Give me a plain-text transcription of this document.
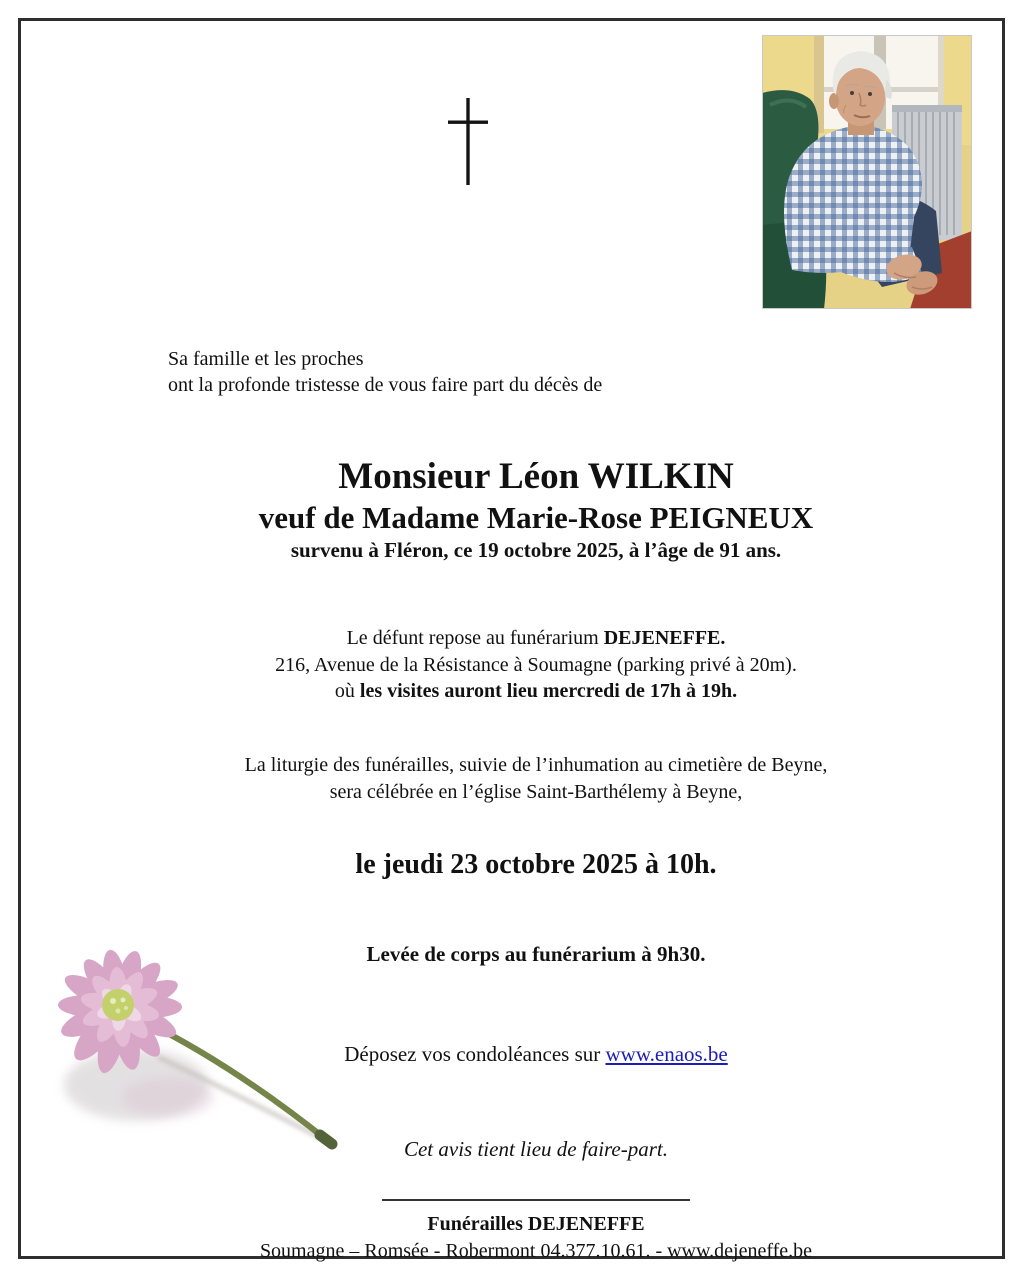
Sa famille et les proches
ont la profonde tristesse de vous faire part du décès de
Monsieur Léon WILKIN
veuf de Madame Marie-Rose PEIGNEUX
survenu à Fléron, ce 19 octobre 2025, à l’âge de 91 ans.
Le défunt repose au funérarium DEJENEFFE.
216, Avenue de la Résistance à Soumagne (parking privé à 20m).
où les visites auront lieu mercredi de 17h à 19h.
La liturgie des funérailles, suivie de l’inhumation au cimetière de Beyne,
sera célébrée en l’église Saint-Barthélemy à Beyne,
le jeudi 23 octobre 2025 à 10h.
Levée de corps au funérarium à 9h30.
Déposez vos condoléances sur www.enaos.be
Cet avis tient lieu de faire-part.
Funérailles DEJENEFFE
Soumagne – Romsée - Robermont 04.377.10.61. - www.dejeneffe.be
